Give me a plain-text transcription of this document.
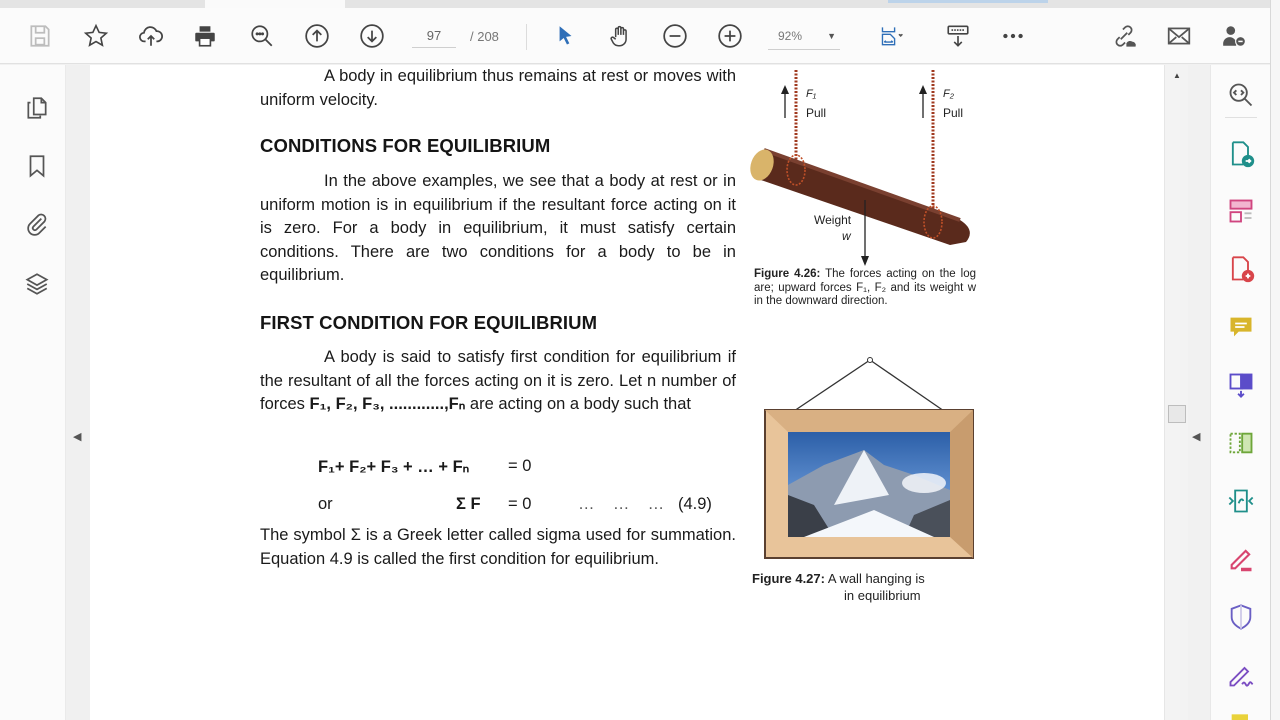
97	/ 208	92%	▼
◀

A body in equilibrium thus remains at rest or moves with uniform velocity.

CONDITIONS FOR EQUILIBRIUM

In the above examples, we see that a body at rest or in uniform motion is in equilibrium if the resultant force acting on it is zero. For a body in equilibrium, it must satisfy certain conditions. There are two conditions for a body to be in equilibrium.

FIRST CONDITION FOR EQUILIBRIUM

A body is said to satisfy first condition for equilibrium if the resultant of all the forces acting on it is zero. Let n number of forces F₁, F₂, F₃, ............,Fₙ are acting on a body such that

F₁+ F₂+ F₃ + … + Fₙ = 0
or	Σ F = 0	…    …    … (4.9)

The symbol Σ is a Greek letter called sigma used for summation. Equation 4.9 is called the first condition for equilibrium.

F₁
Pull
F₂
Pull
Weight
w
Figure 4.26: The forces acting on the log are; upward forces F₁, F₂ and its weight w in the downward direction.
Figure 4.27: A wall hanging is
in equilibrium
▲
◀
